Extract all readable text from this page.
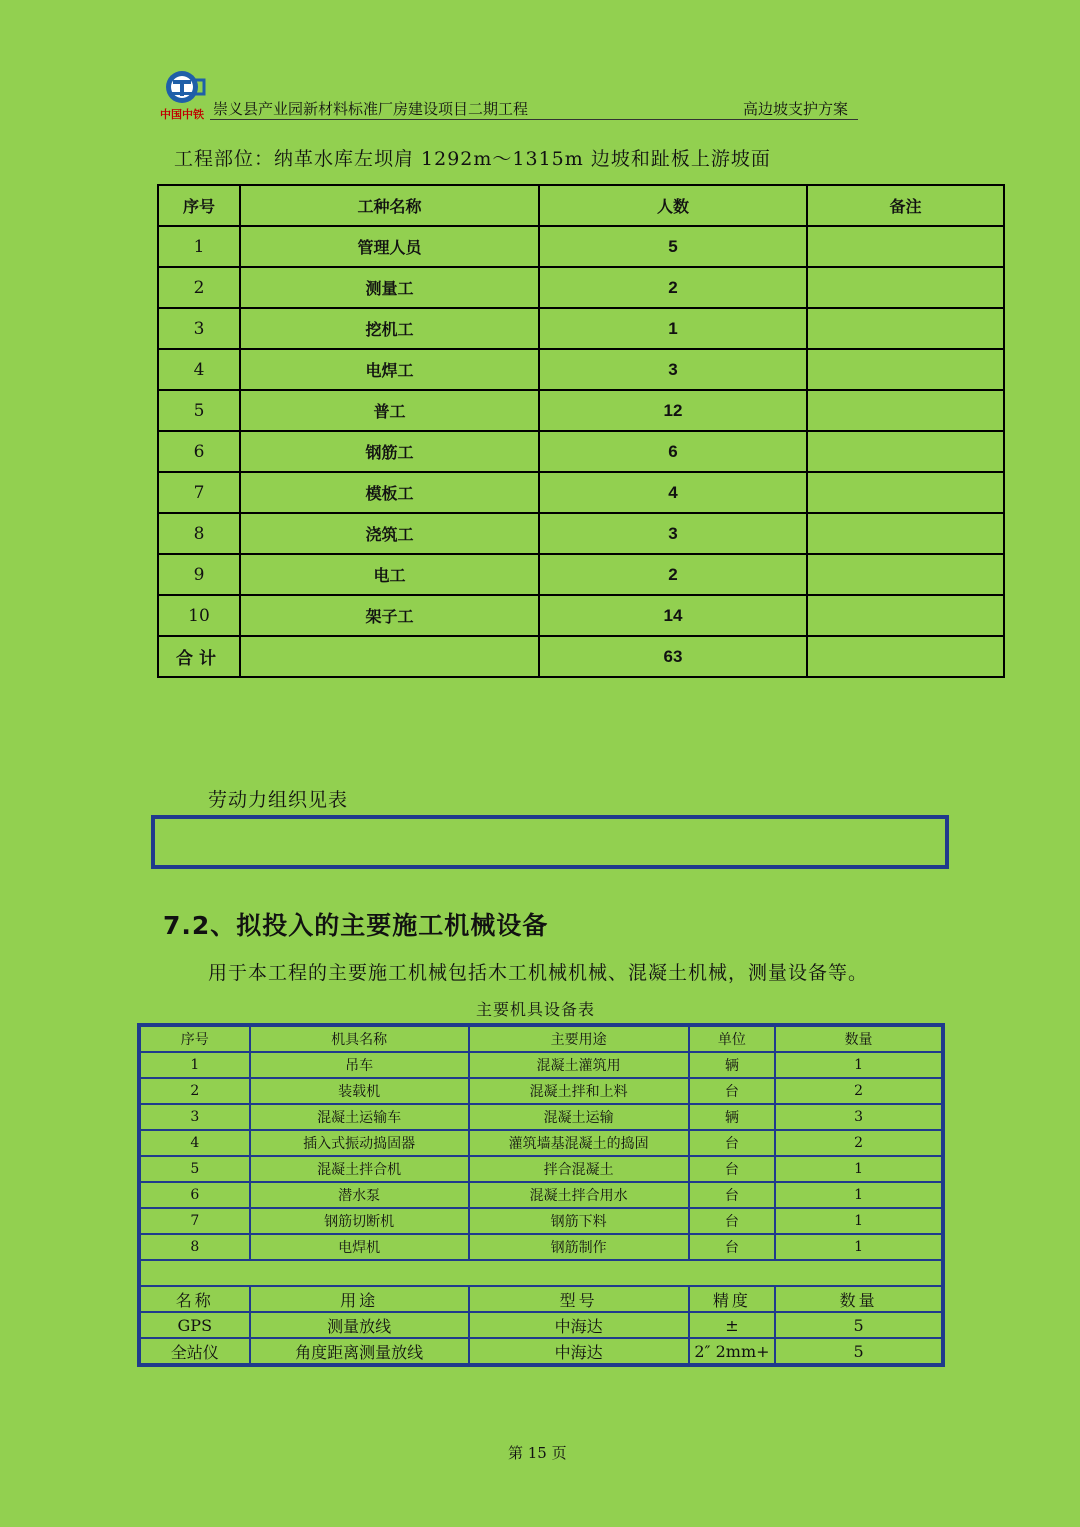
中国中铁 崇义县产业园新材料标准厂房建设项目二期工程	高边坡支护方案
工程部位：纳革水库左坝肩 1292m～1315m 边坡和趾板上游坡面
序号	工种名称	人数	备注
1	管理人员	5	
2	测量工	2	
3	挖机工	1	
4	电焊工	3	
5	普工	12	
6	钢筋工	6	
7	模板工	4	
8	浇筑工	3	
9	电工	2	
10	架子工	14	
合计		63	
劳动力组织见表
7.2、拟投入的主要施工机械设备
用于本工程的主要施工机械包括木工机械机械、混凝土机械，测量设备等。
主要机具设备表
序号	机具名称	主要用途	单位	数量
1	吊车	混凝土灌筑用	辆	1
2	装载机	混凝土拌和上料	台	2
3	混凝土运输车	混凝土运输	辆	3
4	插入式振动捣固器	灌筑墙基混凝土的捣固	台	2
5	混凝土拌合机	拌合混凝土	台	1
6	潜水泵	混凝土拌合用水	台	1
7	钢筋切断机	钢筋下料	台	1
8	电焊机	钢筋制作	台	1

名称	用途	型号	精度	数量
GPS	测量放线	中海达	±	5
全站仪	角度距离测量放线	中海达	2″ 2mm+	5
第 15 页
